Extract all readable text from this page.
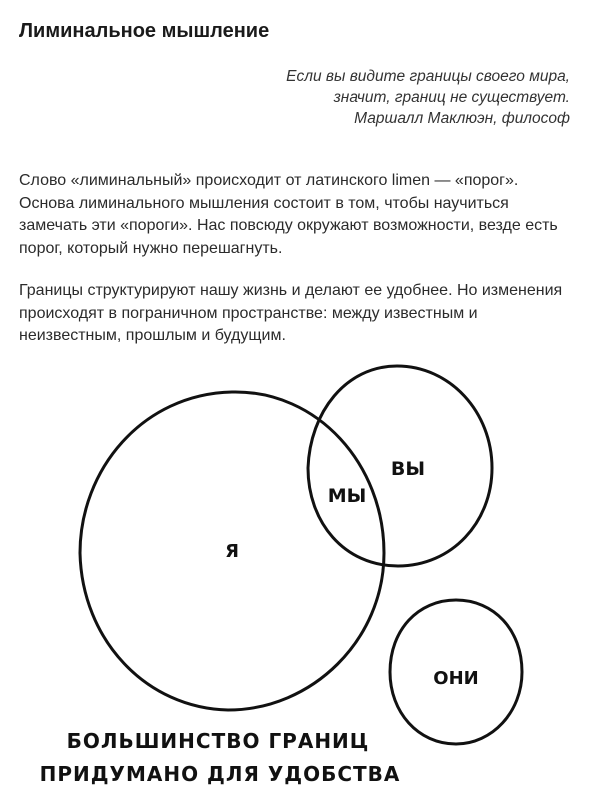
Лиминальное мышление
Если вы видите границы своего мира,
значит, границ не существует.
Маршалл Маклюэн, философ

Слово «лиминальный» происходит от латинского limen — «порог». Основа лиминального мышления состоит в том, чтобы научиться замечать эти «пороги». Нас повсюду окружают возможности, везде есть порог, который нужно перешагнуть.

Границы структурируют нашу жизнь и делают ее удобнее. Но изменения происходят в пограничном пространстве: между известным и неизвестным, прошлым и будущим.

Я
МЫ
ВЫ
ОНИ
БОЛЬШИНСТВО ГРАНИЦ
ПРИДУМАНО ДЛЯ УДОБСТВА
